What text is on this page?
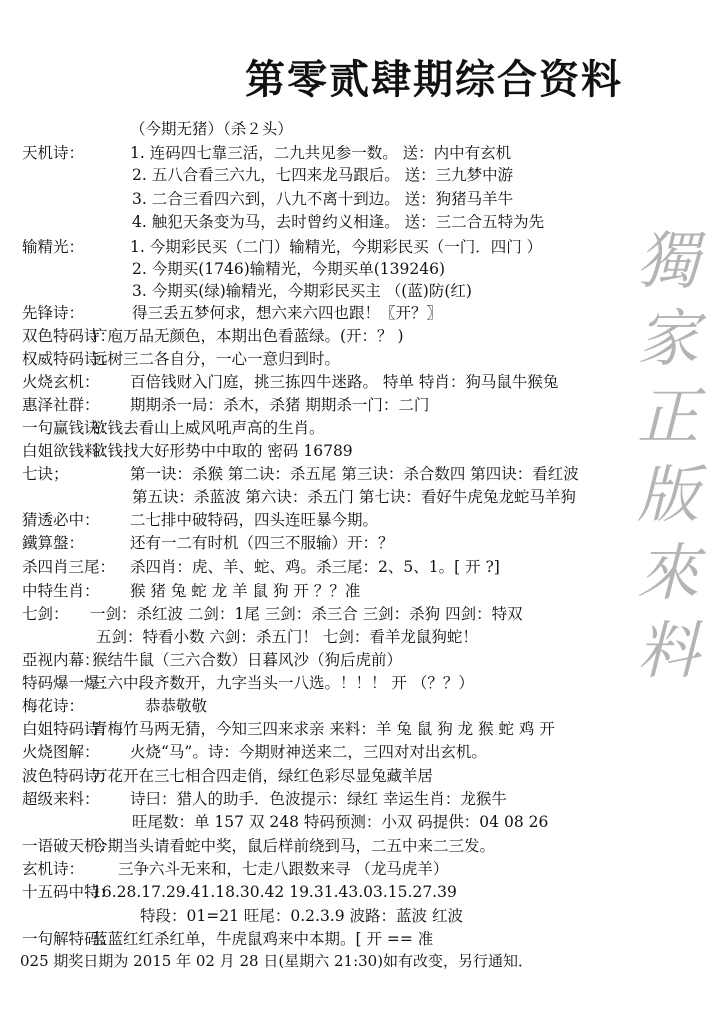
第零贰肆期综合资料
獨
家
正
版
來
料
（今期无猪）（杀２头）
天机诗：	1. 连码四七靠三活，二九共见参一数。 送：内中有玄机
2. 五八合看三六九，七四来龙马跟后。 送：三九梦中游
3. 二合三看四六到，八九不离十到边。 送：狗猪马羊牛
4. 触犯天条变为马，去时曾约义相逢。 送：三二合五特为先
输精光：	1. 今期彩民买（二门）输精光，今期彩民买（一门．四门 ）
2. 今期买(1746)输精光，今期买单(139246)
3. 今期买(绿)输精光，今期彩民买主 （(蓝)防(红)
先锋诗：	得三丢五梦何求，想六来六四也跟！〖开？〗
双色特码诗：
广庖万品无颜色，本期出色看蓝绿。(开：？ )
权威特码诗：
远树三二各自分，一心一意归到时。
火烧玄机： 百倍钱财入门庭，挑三拣四牛迷路。 特单 特肖：狗马鼠牛猴兔
惠泽社群： 期期杀一局：杀木，杀猪 期期杀一门：二门
一句赢钱诀：
欲钱去看山上威风吼声高的生肖。
白姐欲钱料：
欲钱找大好形势中中取的 密码 16789
七诀；	第一诀：杀猴 第二诀：杀五尾 第三诀：杀合数四 第四诀：看红波
第五诀：杀蓝波 第六诀：杀五门 第七诀：看好牛虎兔龙蛇马羊狗
猜透必中： 二七排中破特码，四头连旺暴今期。
鐵算盤：	还有一二有时机（四三不服输）开：？
杀四肖三尾： 杀四肖：虎、羊、蛇、鸡。杀三尾：2、5、1。[ 开 ?]
中特生肖： 猴 猪 兔 蛇 龙 羊 鼠 狗 开 ？？准
七剑： 一剑：杀红波 二剑：1尾 三剑：杀三合 三剑：杀狗 四剑：特双
五剑：特看小数 六剑：杀五门！ 七剑：看羊龙鼠狗蛇！
亞视内幕：
猴结牛鼠（三六合数）日暮风沙（狗后虎前）
特码爆一爆：
三六中段齐数开，九字当头一八选。！！！ 开 （？？）
梅花诗：	恭恭敬敬
白姐特码诗：
青梅竹马两无猜，今知三四来求亲 来料：羊 兔 鼠 狗 龙 猴 蛇 鸡 开
火烧图解： 火烧“马”。诗：今期财神送来二，三四对对出玄机。
波色特码诗：
万花开在三七相合四走俏，绿红色彩尽显兔藏羊居
超级来料： 诗曰：猎人的助手．色波提示：绿红 幸运生肖：龙猴牛
旺尾数：单 157 双 248 特码预测：小双 码提供：04 08 26
一语破天机：
今期当头请看蛇中奖，鼠后样前绕到马，二五中来二三发。
玄机诗： 三争六斗无来和，七走八跟数来寻 （龙马虎羊）
十五码中特：
16.28.17.29.41.18.30.42 19.31.43.03.15.27.39
特段：01=21 旺尾：0.2.3.9 波路：蓝波 红波
一句解特码：
蓝蓝红红杀红单，牛虎鼠鸡来中本期。[ 开 == 准
025 期奖日期为 2015 年 02 月 28 日(星期六 21:30)如有改变，另行通知．
